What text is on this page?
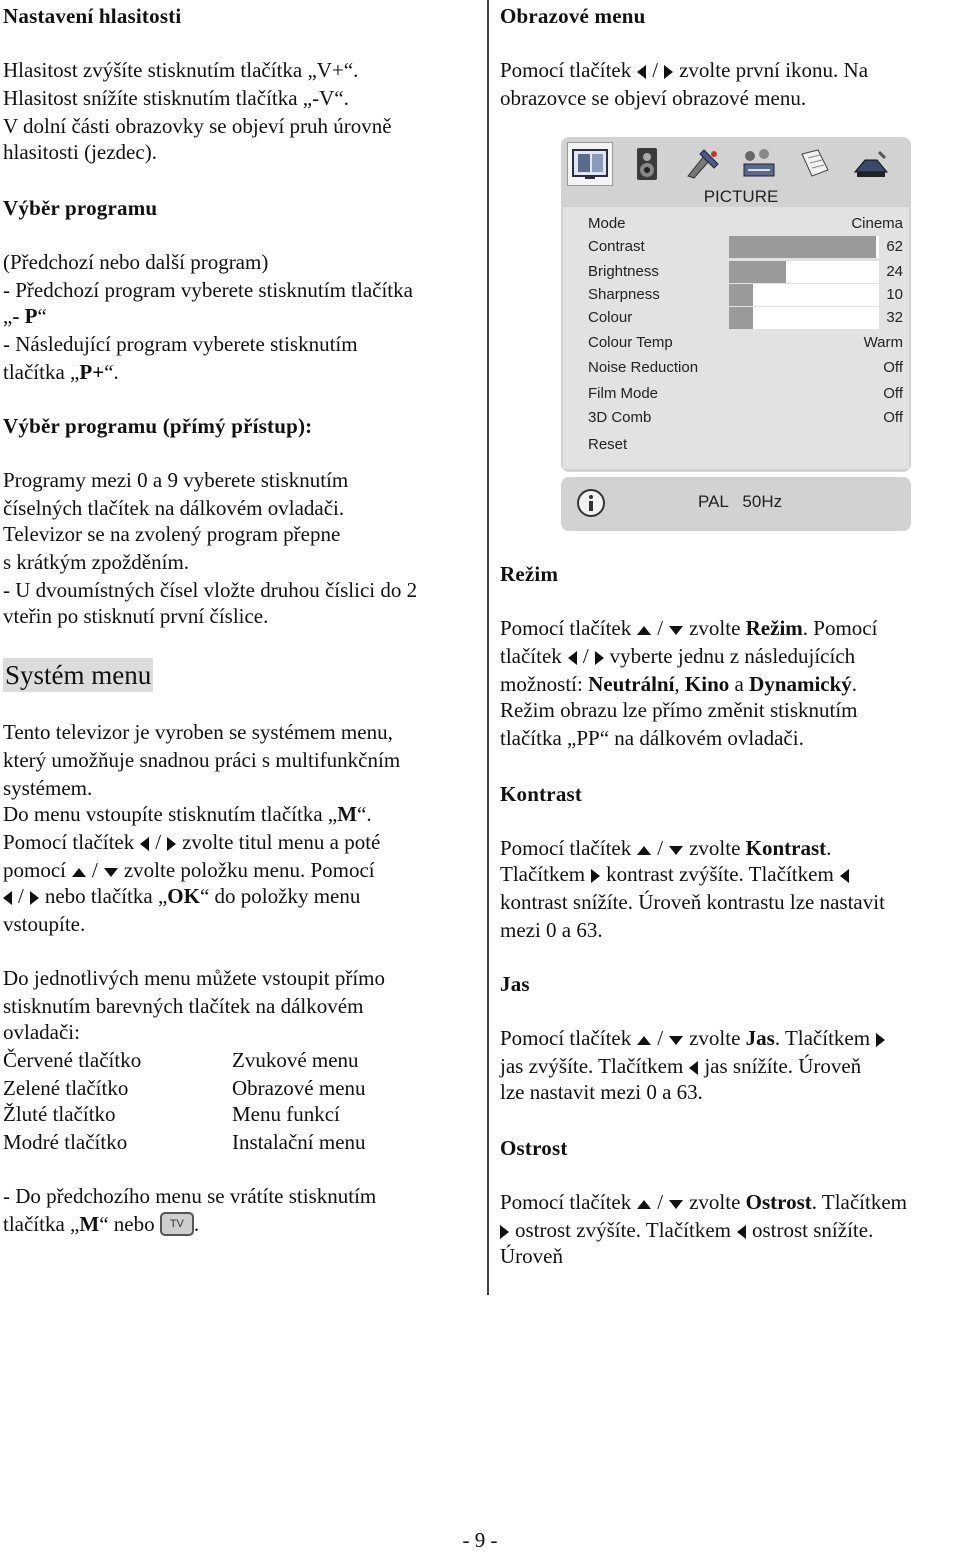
Nastavení hlasitosti
Hlasitost zvýšíte stisknutím tlačítka „V+“.
Hlasitost snížíte stisknutím tlačítka „-V“.
V dolní části obrazovky se objeví pruh úrovně
hlasitosti (jezdec).
Výběr programu
(Předchozí nebo další program)
- Předchozí program vyberete stisknutím tlačítka
„- P“
- Následující program vyberete stisknutím
tlačítka „P+“.
Výběr programu (přímý přístup):
Programy mezi 0 a 9 vyberete stisknutím
číselných tlačítek na dálkovém ovladači.
Televizor se na zvolený program přepne
s krátkým zpožděním.
- U dvoumístných čísel vložte druhou číslici do 2
vteřin po stisknutí první číslice.
Systém menu
Tento televizor je vyroben se systémem menu,
který umožňuje snadnou práci s multifunkčním
systémem.
Do menu vstoupíte stisknutím tlačítka „M“.
Pomocí tlačítek / zvolte titul menu a poté
pomocí / zvolte položku menu. Pomocí
/ nebo tlačítka „OK“ do položky menu
vstoupíte.
Do jednotlivých menu můžete vstoupit přímo
stisknutím barevných tlačítek na dálkovém
ovladači:
Červené tlačítko	Zvukové menu
Zelené tlačítko	Obrazové menu
Žluté tlačítko	Menu funkcí
Modré tlačítko	Instalační menu
- Do předchozího menu se vrátíte stisknutím
tlačítka „M“ nebo TV .
Obrazové menu
Pomocí tlačítek / zvolte první ikonu. Na
obrazovce se objeví obrazové menu.
Režim
Pomocí tlačítek / zvolte Režim. Pomocí
tlačítek / vyberte jednu z následujících
možností: Neutrální, Kino a Dynamický.
Režim obrazu lze přímo změnit stisknutím
tlačítka „PP“ na dálkovém ovladači.
Kontrast
Pomocí tlačítek / zvolte Kontrast.
Tlačítkem kontrast zvýšíte. Tlačítkem
kontrast snížíte. Úroveň kontrastu lze nastavit
mezi 0 a 63.
Jas
Pomocí tlačítek / zvolte Jas. Tlačítkem
jas zvýšíte. Tlačítkem jas snížíte. Úroveň
lze nastavit mezi 0 a 63.
Ostrost
Pomocí tlačítek / zvolte Ostrost. Tlačítkem
ostrost zvýšíte. Tlačítkem ostrost snížíte.
Úroveň
PICTURE
Mode	Cinema
Contrast	62
Brightness	24
Sharpness	10
Colour	32
Colour Temp	Warm
Noise Reduction	Off
Film Mode	Off
3D Comb	Off
Reset
PAL   50Hz
- 9 -
